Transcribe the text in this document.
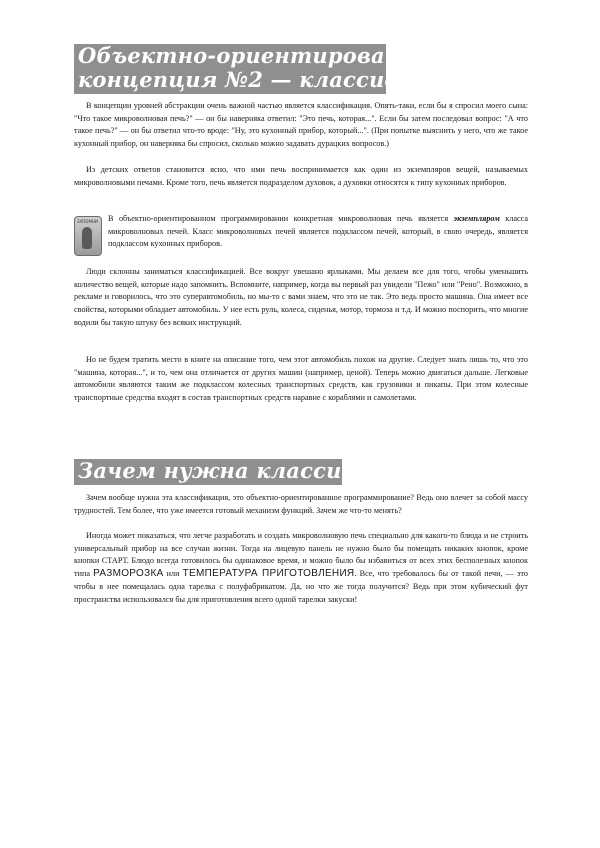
Объектно-ориентированная
концепция №2 — классификация

В концепции уровней абстракции очень важной частью является классификация. Опять-таки, если бы я спросил моего сына: "Что такое микроволновая печь?" — он бы наверняка ответил: "Это печь, которая...". Если бы затем последовал вопрос: "А что такое печь?" — он бы ответил что-то вроде: "Ну, это кухонный прибор, который...". (При попытке выяснить у него, что же такое кухонный прибор, он наверняка бы спросил, сколько можно задавать дурацких вопросов.)

Из детских ответов становится ясно, что ими печь воспринимается как один из экземпляров вещей, называемых микроволновыми печами. Кроме того, печь является подразделом духовок, а духовки относятся к типу кухонных приборов.

ЗАПОМНИ В объектно-ориентированном программировании конкретная микроволновая печь является экземпляром класса микроволновых печей. Класс микроволновых печей является подклассом печей, который, в свою очередь, является подклассом кухонных приборов.

Люди склонны заниматься классификацией. Все вокруг увешано ярлыками. Мы делаем все для того, чтобы уменьшить количество вещей, которые надо запомнить. Вспомните, например, когда вы первый раз увидели "Пежо" или "Рено". Возможно, в рекламе и говорилось, что это суперавтомобиль, но мы-то с вами знаем, что это не так. Это ведь просто машина. Она имеет все свойства, которыми обладает автомобиль. У нее есть руль, колеса, сиденья, мотор, тормоза и т.д. И можно поспорить, что многие водили бы такую штуку без всяких инструкций.

Но не будем тратить место в книге на описание того, чем этот автомобиль похож на другие. Следует знать лишь то, что это "машина, которая...", и то, чем она отличается от других машин (например, ценой). Теперь можно двигаться дальше. Легковые автомобили являются таким же подклассом колесных транспортных средств, как грузовики и пикапы. При этом колесные транспортные средства входят в состав транспортных средств наравне с кораблями и самолетами.

Зачем нужна классификация

Зачем вообще нужна эта классификация, это объектно-ориентированное программирование? Ведь оно влечет за собой массу трудностей. Тем более, что уже имеется готовый механизм функций. Зачем же что-то менять?

Иногда может показаться, что легче разработать и создать микроволновую печь специально для какого-то блюда и не строить универсальный прибор на все случаи жизни. Тогда на лицевую панель не нужно было бы помещать никаких кнопок, кроме кнопки СТАРТ. Блюдо всегда готовилось бы одинаковое время, и можно было бы избавиться от всех этих бесполезных кнопок типа РАЗМОРОЗКА или ТЕМПЕРАТУРА ПРИГОТОВЛЕНИЯ. Все, что требовалось бы от такой печи, — это чтобы в нее помещалась одна тарелка с полуфабрикатом. Да, но что же тогда получится? Ведь при этом кубический фут пространства использовался бы для приготовления всего одной тарелки закуски!
